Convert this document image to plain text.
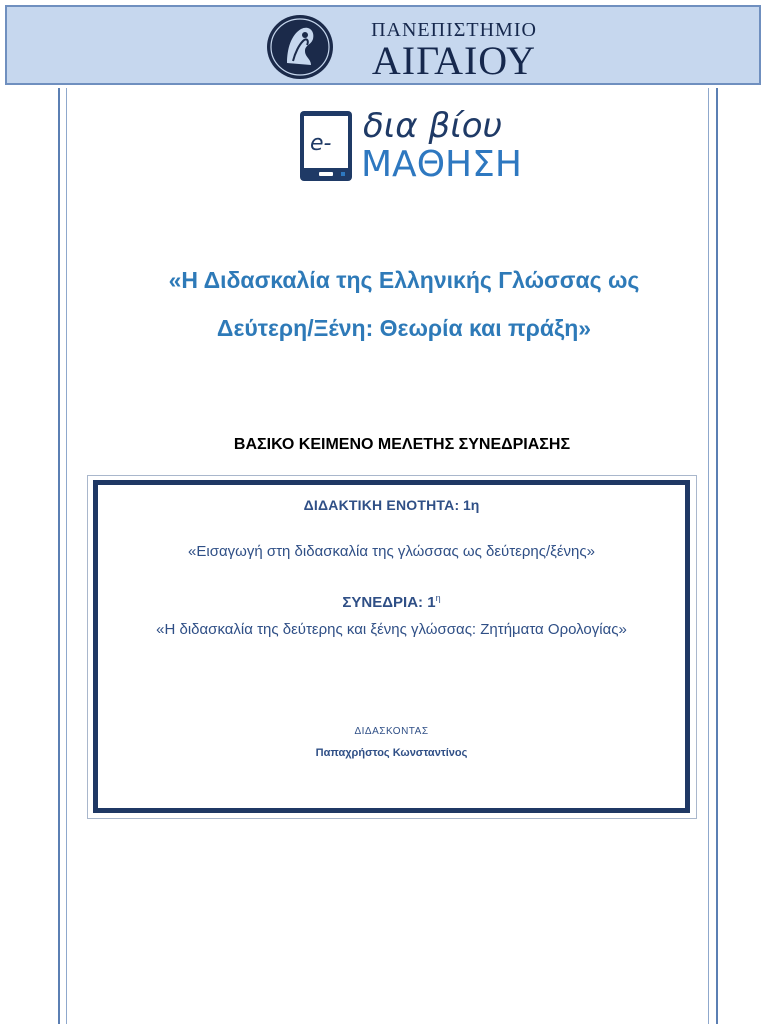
ΠΑΝΕΠΙΣΤΗΜΙΟ
ΑΙΓΑΙΟΥ
e- δια βίου
ΜΑΘΗΣΗ
«Η Διδασκαλία της Ελληνικής Γλώσσας ως
Δεύτερη/Ξένη: Θεωρία και πράξη»
ΒΑΣΙΚΟ ΚΕΙΜΕΝΟ ΜΕΛΕΤΗΣ ΣΥΝΕΔΡΙΑΣΗΣ
ΔΙΔΑΚΤΙΚΗ ΕΝΟΤΗΤΑ: 1η
«Εισαγωγή στη διδασκαλία της γλώσσας ως δεύτερης/ξένης»
ΣΥΝΕΔΡΙΑ: $1^\eta$
«Η διδασκαλία της δεύτερης και ξένης γλώσσας: Ζητήματα Ορολογίας»
ΔΙΔΑΣΚΟΝΤΑΣ
Παπαχρήστος Κωνσταντίνος
